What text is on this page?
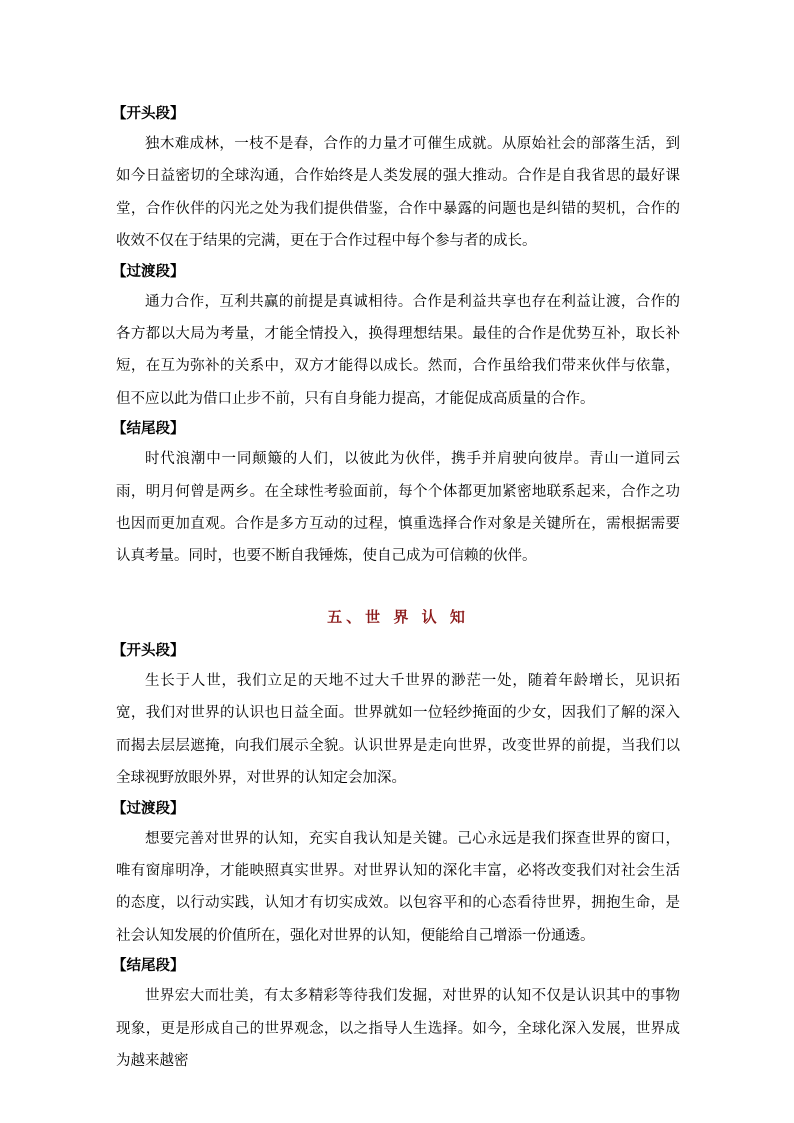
【开头段】

独木难成林，一枝不是春，合作的力量才可催生成就。从原始社会的部落生活，到如今日益密切的全球沟通，合作始终是人类发展的强大推动。合作是自我省思的最好课堂，合作伙伴的闪光之处为我们提供借鉴，合作中暴露的问题也是纠错的契机，合作的收效不仅在于结果的完满，更在于合作过程中每个参与者的成长。

【过渡段】

通力合作，互利共赢的前提是真诚相待。合作是利益共享也存在利益让渡，合作的各方都以大局为考量，才能全情投入，换得理想结果。最佳的合作是优势互补，取长补短，在互为弥补的关系中，双方才能得以成长。然而，合作虽给我们带来伙伴与依靠，但不应以此为借口止步不前，只有自身能力提高，才能促成高质量的合作。

【结尾段】

时代浪潮中一同颠簸的人们，以彼此为伙伴，携手并肩驶向彼岸。青山一道同云雨，明月何曾是两乡。在全球性考验面前，每个个体都更加紧密地联系起来，合作之功也因而更加直观。合作是多方互动的过程，慎重选择合作对象是关键所在，需根据需要认真考量。同时，也要不断自我锤炼，使自己成为可信赖的伙伴。

五、世 界 认 知
【开头段】

生长于人世，我们立足的天地不过大千世界的渺茫一处，随着年龄增长，见识拓宽，我们对世界的认识也日益全面。世界就如一位轻纱掩面的少女，因我们了解的深入而揭去层层遮掩，向我们展示全貌。认识世界是走向世界，改变世界的前提，当我们以全球视野放眼外界，对世界的认知定会加深。

【过渡段】

想要完善对世界的认知，充实自我认知是关键。己心永远是我们探查世界的窗口，唯有窗扉明净，才能映照真实世界。对世界认知的深化丰富，必将改变我们对社会生活的态度，以行动实践，认知才有切实成效。以包容平和的心态看待世界，拥抱生命，是社会认知发展的价值所在，强化对世界的认知，便能给自己增添一份通透。

【结尾段】

世界宏大而壮美，有太多精彩等待我们发掘，对世界的认知不仅是认识其中的事物现象，更是形成自己的世界观念，以之指导人生选择。如今，全球化深入发展，世界成为越来越密
